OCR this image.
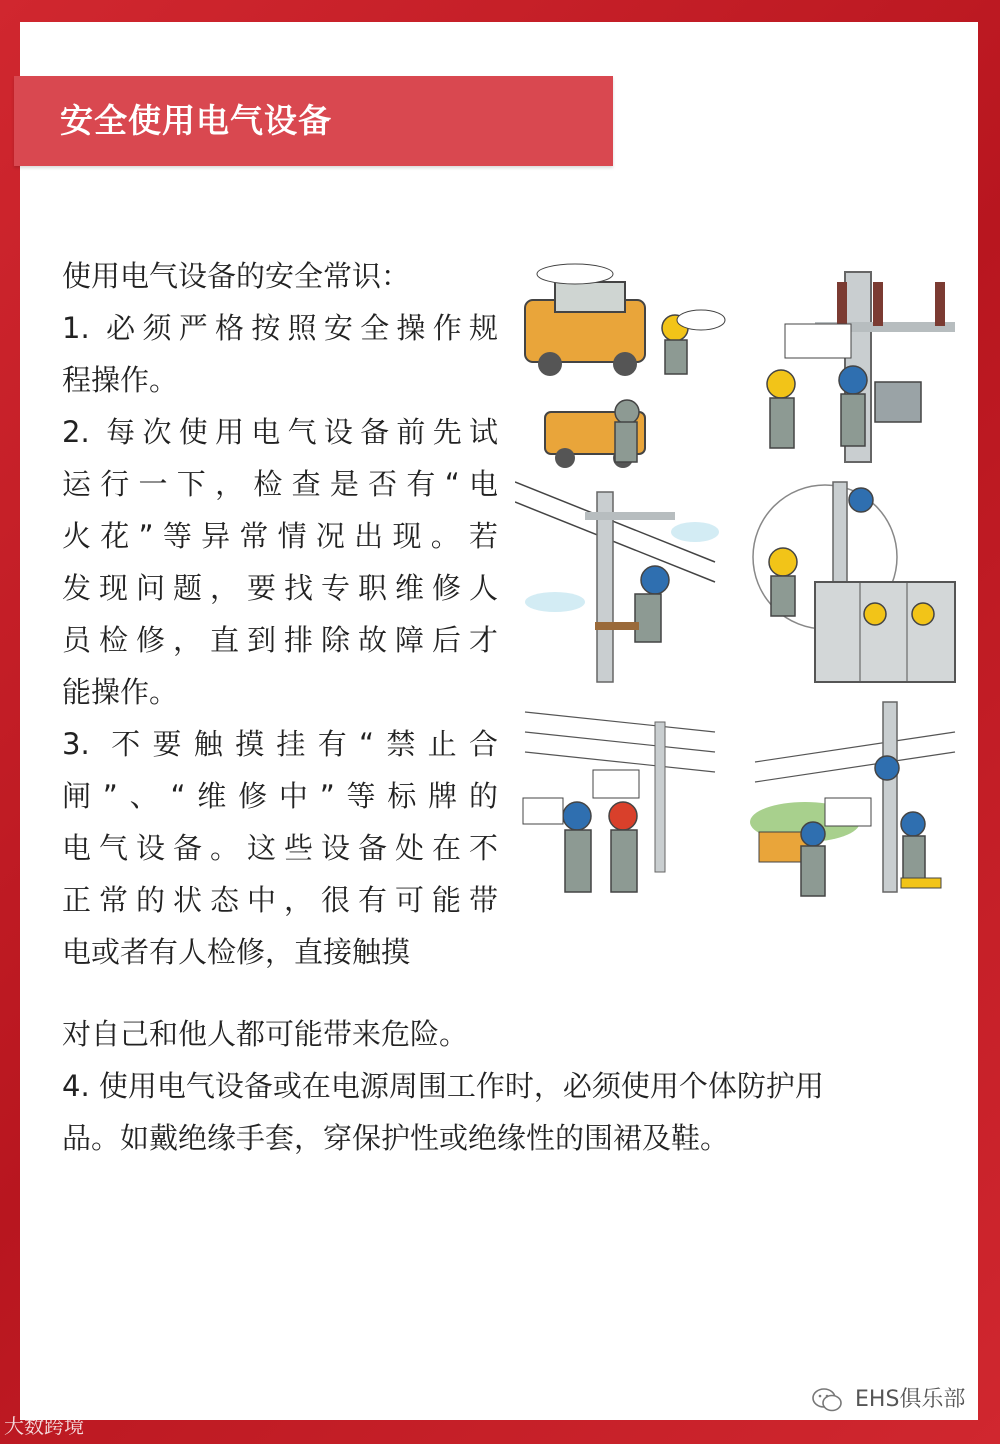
安全使用电气设备

使用电气设备的安全常识：

1. 必须严格按照安全操作规

程操作。

2. 每次使用电气设备前先试

运行一下，检查是否有“电

火花”等异常情况出现。若

发现问题，要找专职维修人

员检修，直到排除故障后才

能操作。

3. 不要触摸挂有“禁止合

闸”、“维修中”等标牌的

电气设备。这些设备处在不

正常的状态中，很有可能带

电或者有人检修，直接触摸

对自己和他人都可能带来危险。

4. 使用电气设备或在电源周围工作时，必须使用个体防护用

品。如戴绝缘手套，穿保护性或绝缘性的围裙及鞋。

EHS俱乐部
大数跨境
